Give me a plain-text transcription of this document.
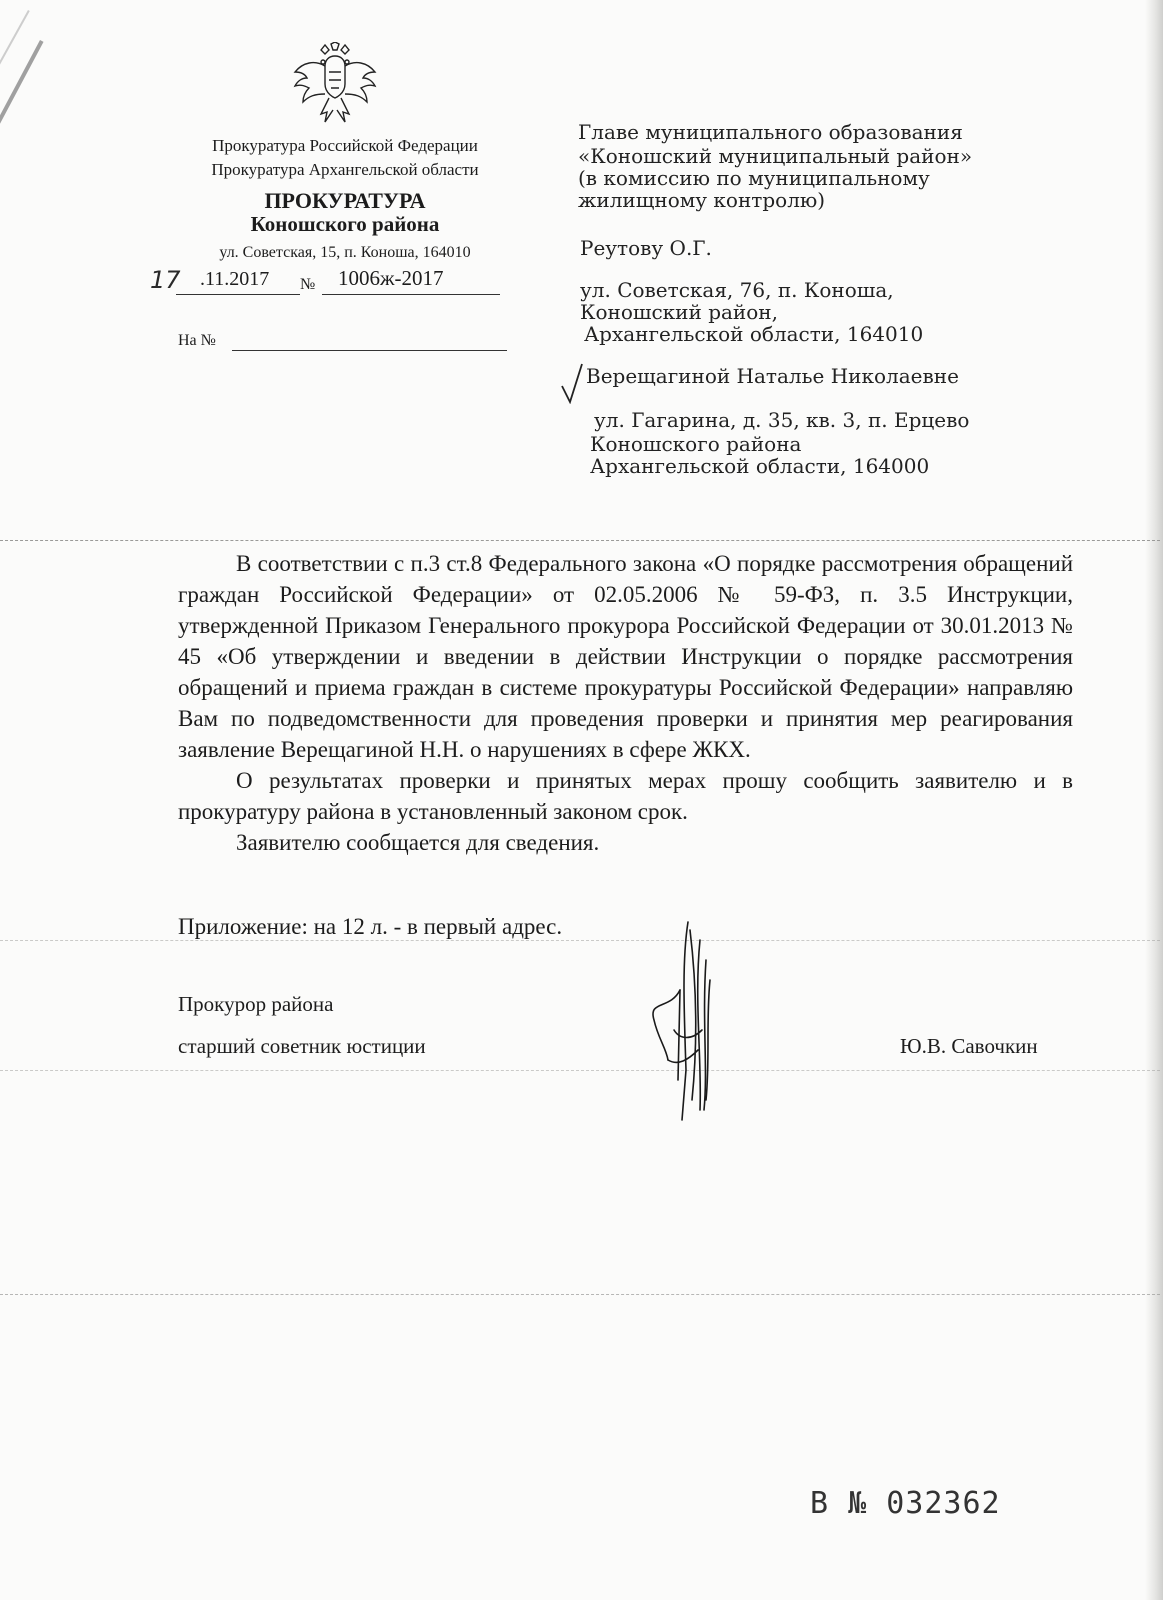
Прокуратура Российской Федерации
Прокуратура Архангельской области
ПРОКУРАТУРА
Коношского района
ул. Советская, 15, п. Коноша, 164010
17 .11.2017 № 1006ж-2017
На №
Главе муниципального образования
«Коношский муниципальный район»
(в комиссию по муниципальному
жилищному контролю)
Реутову О.Г.
ул. Советская, 76, п. Коноша,
Коношский район,
Архангельской области, 164010
Верещагиной Наталье Николаевне
ул. Гагарина, д. 35, кв. 3, п. Ерцево
Коношского района
Архангельской области, 164000

В соответствии с п.3 ст.8 Федерального закона «О порядке рассмотрения обращений граждан Российской Федерации» от 02.05.2006 № 59-ФЗ, п. 3.5 Инструкции, утвержденной Приказом Генерального прокурора Российской Федерации от 30.01.2013 № 45 «Об утверждении и введении в действии Инструкции о порядке рассмотрения обращений и приема граждан в системе прокуратуры Российской Федерации» направляю Вам по подведомственности для проведения проверки и принятия мер реагирования заявление Верещагиной Н.Н. о нарушениях в сфере ЖКХ.

О результатах проверки и принятых мерах прошу сообщить заявителю и в прокуратуру района в установленный законом срок.

Заявителю сообщается для сведения.

Приложение: на 12 л. - в первый адрес.
Прокурор района
старший советник юстиции	Ю.В. Савочкин
В № 032362
